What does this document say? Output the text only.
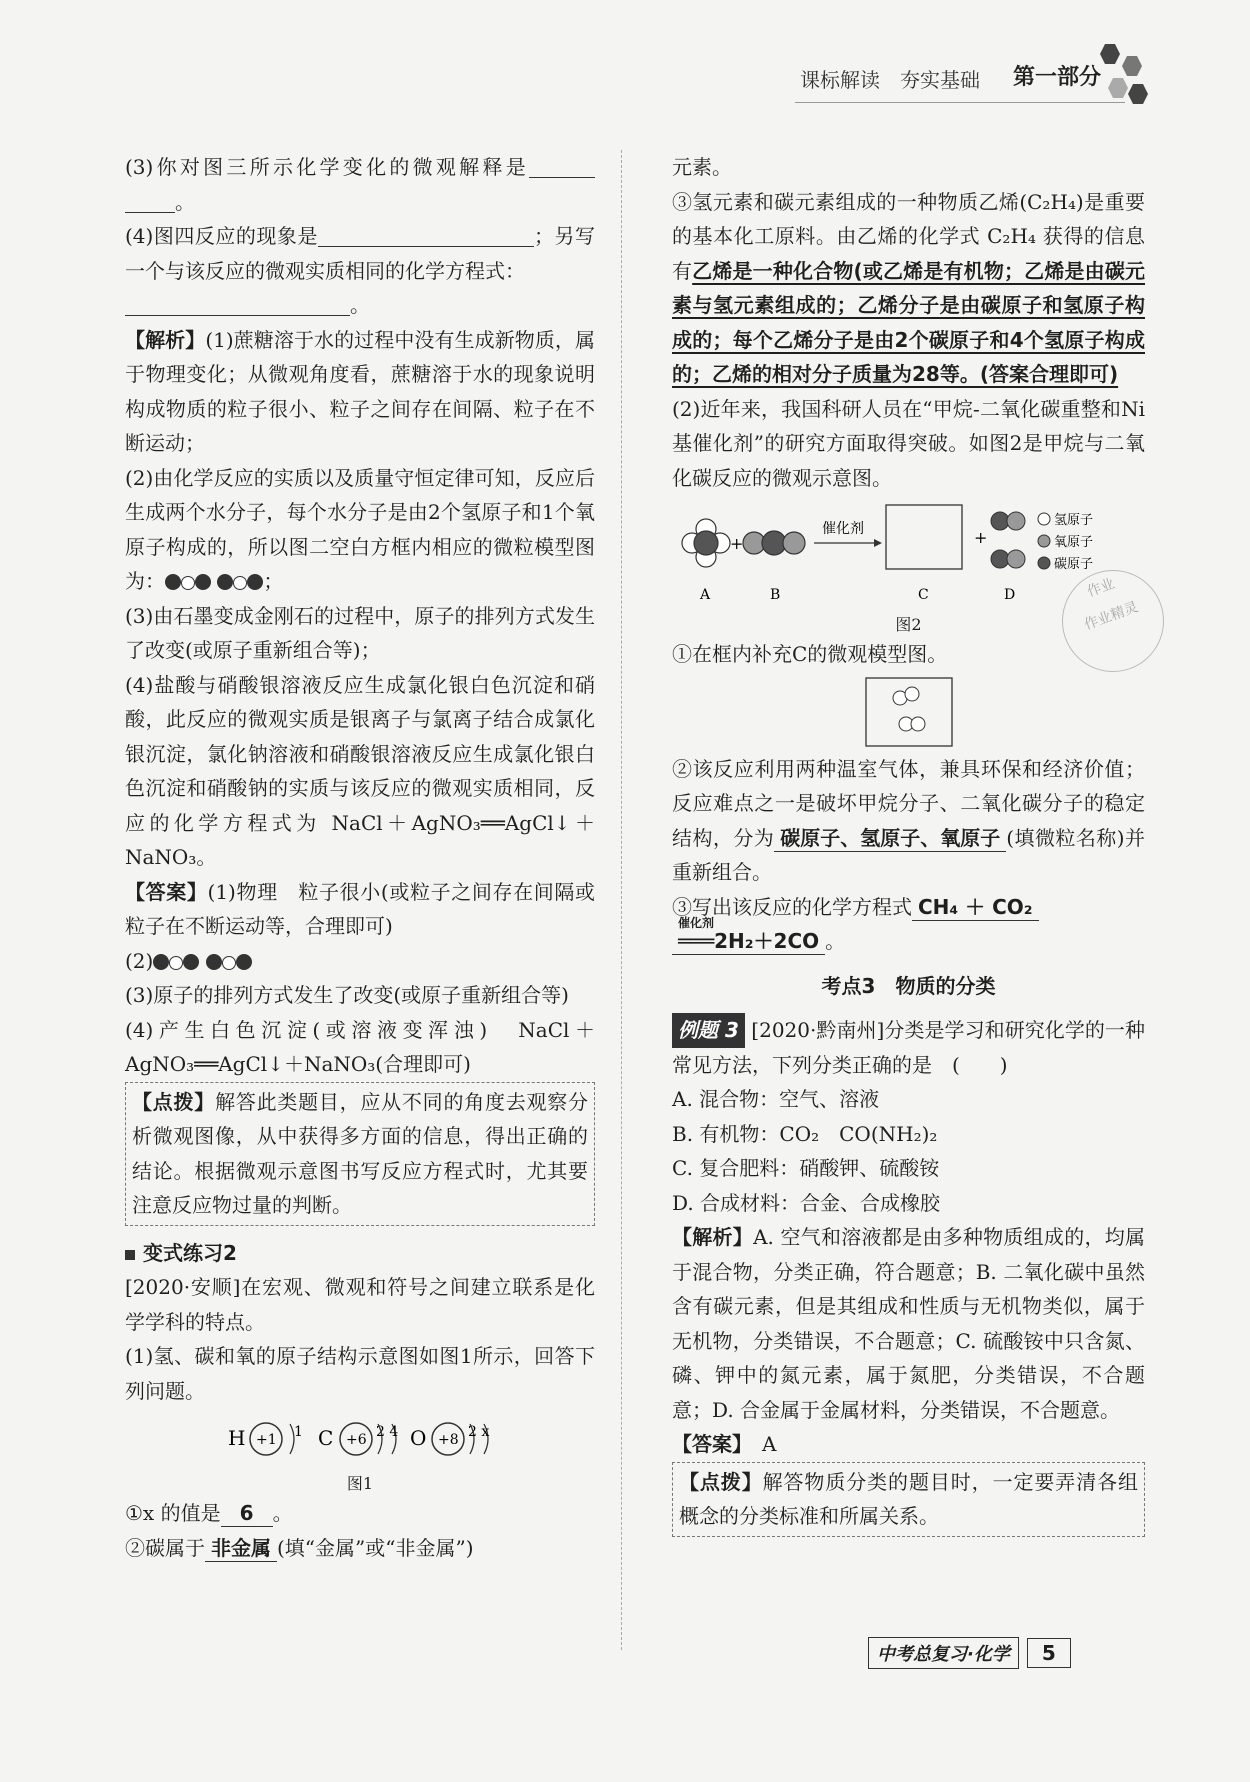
课标解读　夯实基础 第一部分

(3)你对图三所示化学变化的微观解释是 。

(4)图四反应的现象是	；另写一个与该反应的微观实质相同的化学方程式：

。

【解析】(1)蔗糖溶于水的过程中没有生成新物质，属于物理变化；从微观角度看，蔗糖溶于水的现象说明构成物质的粒子很小、粒子之间存在间隔、粒子在不断运动；

(2)由化学反应的实质以及质量守恒定律可知，反应后生成两个水分子，每个水分子是由2个氢原子和1个氧原子构成的，所以图二空白方框内相应的微粒模型图为：	；

(3)由石墨变成金刚石的过程中，原子的排列方式发生了改变(或原子重新组合等)；

(4)盐酸与硝酸银溶液反应生成氯化银白色沉淀和硝酸，此反应的微观实质是银离子与氯离子结合成氯化银沉淀，氯化钠溶液和硝酸银溶液反应生成氯化银白色沉淀和硝酸钠的实质与该反应的微观实质相同，反应的化学方程式为 NaCl＋AgNO₃══AgCl↓＋NaNO₃。

【答案】(1)物理　粒子很小(或粒子之间存在间隔或粒子在不断运动等，合理即可)

(2)

(3)原子的排列方式发生了改变(或原子重新组合等)

(4)产生白色沉淀(或溶液变浑浊)　NaCl＋AgNO₃══AgCl↓＋NaNO₃(合理即可)

【点拨】解答此类题目，应从不同的角度去观察分析微观图像，从中获得多方面的信息，得出正确的结论。根据微观示意图书写反应方程式时，尤其要注意反应物过量的判断。

变式练习2

[2020·安顺]在宏观、微观和符号之间建立联系是化学学科的特点。

(1)氢、碳和氧的原子结构示意图如图1所示，回答下列问题。

H +1 1 C +6 2 4 O +8 2 x

图1

①x 的值是 6 。

②碳属于 非金属 (填“金属”或“非金属”)

元素。

③氢元素和碳元素组成的一种物质乙烯(C₂H₄)是重要的基本化工原料。由乙烯的化学式 C₂H₄ 获得的信息有乙烯是一种化合物(或乙烯是有机物；乙烯是由碳元素与氢元素组成的；乙烯分子是由碳原子和氢原子构成的；每个乙烯分子是由2个碳原子和4个氢原子构成的；乙烯的相对分子质量为28等。(答案合理即可)

(2)近年来，我国科研人员在“甲烷-二氧化碳重整和Ni基催化剂”的研究方面取得突破。如图2是甲烷与二氧化碳反应的微观示意图。

+
催化剂	+
氢原子
氧原子
碳原子
A	B	C	D

图2

①在框内补充C的微观模型图。

②该反应利用两种温室气体，兼具环保和经济价值；反应难点之一是破坏甲烷分子、二氧化碳分子的稳定结构，分为 碳原子、氢原子、氧原子 (填微粒名称)并重新组合。

③写出该反应的化学方程式 CH₄ ＋ CO₂

催化剂
═══2H₂＋2CO 。

考点3　物质的分类

例题 3 [2020·黔南州]分类是学习和研究化学的一种常见方法，下列分类正确的是　 (　　)

A. 混合物：空气、溶液

B. 有机物：CO₂　CO(NH₂)₂

C. 复合肥料：硝酸钾、硫酸铵

D. 合成材料：合金、合成橡胶

【解析】A. 空气和溶液都是由多种物质组成的，均属于混合物，分类正确，符合题意；B. 二氧化碳中虽然含有碳元素，但是其组成和性质与无机物类似，属于无机物，分类错误，不合题意；C. 硫酸铵中只含氮、磷、钾中的氮元素，属于氮肥，分类错误，不合题意；D. 合金属于金属材料，分类错误，不合题意。

【答案】　 A

【点拨】解答物质分类的题目时，一定要弄清各组概念的分类标准和所属关系。

作业
作业精灵
中考总复习·化学	5
